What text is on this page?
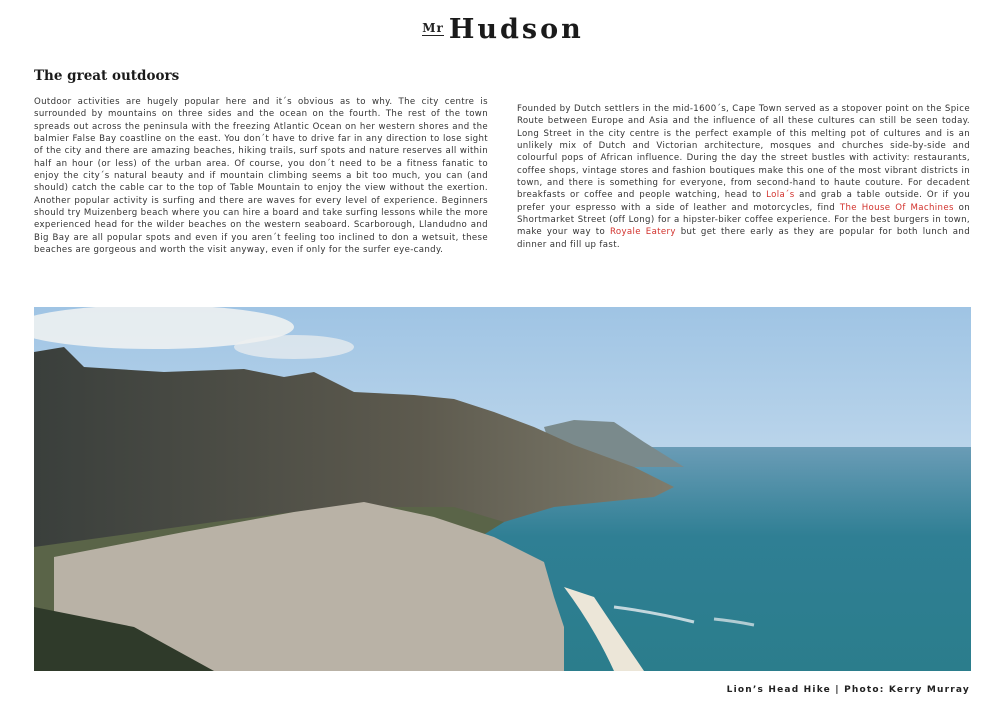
$^{Mr}$ Hudson
The great outdoors
Outdoor activities are hugely popular here and it´s obvious as to why. The city centre is surrounded by mountains on three sides and the ocean on the fourth. The rest of the town spreads out across the peninsula with the freezing Atlantic Ocean on her western shores and the balmier False Bay coastline on the east. You don´t have to drive far in any direction to lose sight of the city and there are amazing beaches, hiking trails, surf spots and nature reserves all within half an hour (or less) of the urban area. Of course, you don´t need to be a fitness fanatic to enjoy the city´s natural beauty and if mountain climbing seems a bit too much, you can (and should) catch the cable car to the top of Table Mountain to enjoy the view without the exertion. Another popular activity is surfing and there are waves for every level of experience. Beginners should try Muizenberg beach where you can hire a board and take surfing lessons while the more experienced head for the wilder beaches on the western seaboard. Scarborough, Llandudno and Big Bay are all popular spots and even if you aren´t feeling too inclined to don a wetsuit, these beaches are gorgeous and worth the visit anyway, even if only for the surfer eye-candy.
Founded by Dutch settlers in the mid-1600´s, Cape Town served as a stopover point on the Spice Route between Europe and Asia and the influence of all these cultures can still be seen today. Long Street in the city centre is the perfect example of this melting pot of cultures and is an unlikely mix of Dutch and Victorian architecture, mosques and churches side-by-side and colourful pops of African influence. During the day the street bustles with activity: restaurants, coffee shops, vintage stores and fashion boutiques make this one of the most vibrant districts in town, and there is something for everyone, from second-hand to haute couture. For decadent breakfasts or coffee and people watching, head to Lola´s and grab a table outside. Or if you prefer your espresso with a side of leather and motorcycles, find The House Of Machines on Shortmarket Street (off Long) for a hipster-biker coffee experience. For the best burgers in town, make your way to Royale Eatery but get there early as they are popular for both lunch and dinner and fill up fast.
Lion’s Head Hike | Photo: Kerry Murray
